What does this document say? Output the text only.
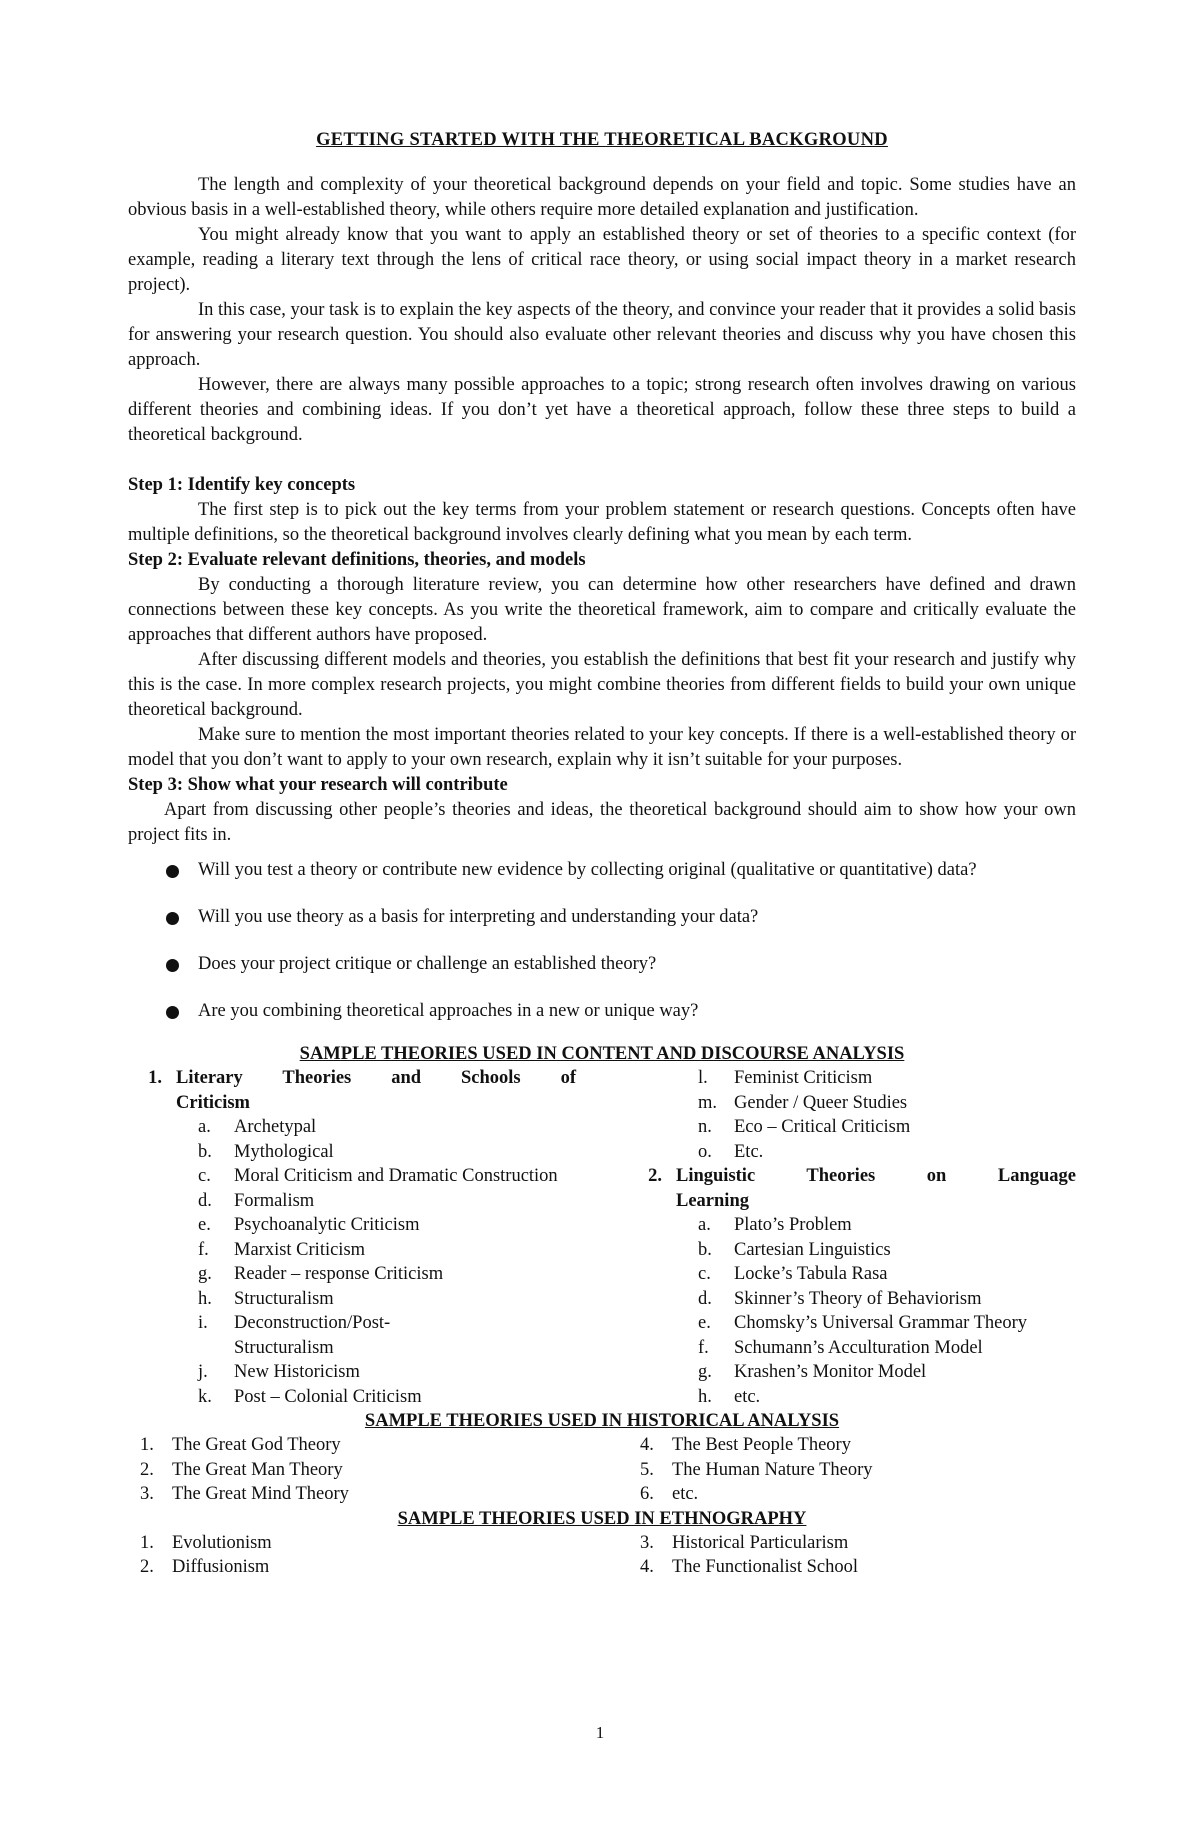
GETTING STARTED WITH THE THEORETICAL BACKGROUND

The length and complexity of your theoretical background depends on your field and topic. Some studies have an obvious basis in a well-established theory, while others require more detailed explanation and justification.

You might already know that you want to apply an established theory or set of theories to a specific context (for example, reading a literary text through the lens of critical race theory, or using social impact theory in a market research project).

In this case, your task is to explain the key aspects of the theory, and convince your reader that it provides a solid basis for answering your research question. You should also evaluate other relevant theories and discuss why you have chosen this approach.

However, there are always many possible approaches to a topic; strong research often involves drawing on various different theories and combining ideas. If you don’t yet have a theoretical approach, follow these three steps to build a theoretical background.

Step 1: Identify key concepts

The first step is to pick out the key terms from your problem statement or research questions. Concepts often have multiple definitions, so the theoretical background involves clearly defining what you mean by each term.

Step 2: Evaluate relevant definitions, theories, and models

By conducting a thorough literature review, you can determine how other researchers have defined and drawn connections between these key concepts. As you write the theoretical framework, aim to compare and critically evaluate the approaches that different authors have proposed.

After discussing different models and theories, you establish the definitions that best fit your research and justify why this is the case. In more complex research projects, you might combine theories from different fields to build your own unique theoretical background.

Make sure to mention the most important theories related to your key concepts. If there is a well-established theory or model that you don’t want to apply to your own research, explain why it isn’t suitable for your purposes.

Step 3: Show what your research will contribute

Apart from discussing other people’s theories and ideas, the theoretical background should aim to show how your own project fits in.

Will you test a theory or contribute new evidence by collecting original (qualitative or quantitative) data?
Will you use theory as a basis for interpreting and understanding your data?
Does your project critique or challenge an established theory?
Are you combining theoretical approaches in a new or unique way?
SAMPLE THEORIES USED IN CONTENT AND DISCOURSE ANALYSIS
1. Literary Theories and Schools of
Criticism
a.	Archetypal
b.	Mythological
c.	Moral Criticism and Dramatic Construction
d.	Formalism
e.	Psychoanalytic Criticism
f.	Marxist Criticism
g.	Reader – response Criticism
h.	Structuralism
i.	Deconstruction/Post-Structuralism
j.	New Historicism
k.	Post – Colonial Criticism
l.	Feminist Criticism
m. Gender / Queer Studies
n.	Eco – Critical Criticism
o.	Etc.
2. Linguistic Theories on Language
Learning
a.	Plato’s Problem
b.	Cartesian Linguistics
c.	Locke’s Tabula Rasa
d.	Skinner’s Theory of Behaviorism
e.	Chomsky’s Universal Grammar Theory
f.	Schumann’s Acculturation Model
g.	Krashen’s Monitor Model
h.	etc.
SAMPLE THEORIES USED IN HISTORICAL ANALYSIS
1. The Great God Theory
2. The Great Man Theory
3. The Great Mind Theory
4. The Best People Theory
5. The Human Nature Theory
6. etc.
SAMPLE THEORIES USED IN ETHNOGRAPHY
1. Evolutionism
2. Diffusionism
3. Historical Particularism
4. The Functionalist School
1
